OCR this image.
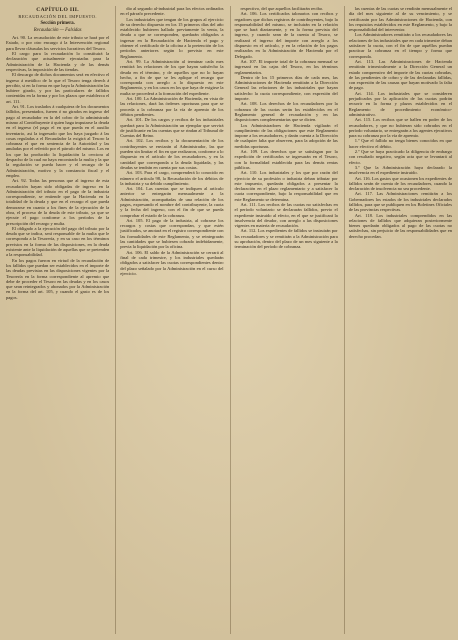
CAPÍTULO III.
RECAUDACIÓN DEL IMPUESTO.
Sección primera.
Recaudación — Falsidas

Art. 90. La recaudación de este tributo se hará por el Estado, o por otro encargo á la Intervención regional para llevar cláusulas los servicios lucrativos del Tesoro.

El cargo para la recaudación lo constituirá la declaración que actualmente ejecutadas para la Administración de la Hacienda y de las demás respectivas, la imposición de las tiendas.

El descargo de dichos documentos será en efectivo el ingreso á metálico de lo que el Tesoro tenga derech á percibir, si en la forma en que haya la Administración las hubiere girado, y por las particulares de fallidos contenidas en la forma y por los plazos que establezca el art. 111.

Art. 91. Los traslados á cualquiera de los documentos fallidos, presentados, fueren ó no girados en ingreso del pago al recaudador en la del cobro de lo administrado mismo al Contribuyente á quien haga imputarse la deuda en el ingreso (el pago el en que pueda en el auxilio inventario, asi la ingresado que los haya juzgado á las cosas reguladas a el Recaudador la exigirá al Tesoro la cobranza el que en sentencia de la Autoridad y las anuladas por el referido por el párrafo del mismo. Los en los que ha producido la liquidación la cerciora al despacho de la cual no haya encontrado la multa y la que la regulación se pueda hacer y el recargo de la Administración, motivo y la constancia fiscal y el empleo.

Art. 92. Todas las personas que al ingreso de esta recaudación hayan sido obligadas de ingreso en la Administración del tributo en el pago de la industria correspondiente, se entiende que la Hacienda en la totalidad de la deuda y que en el recargo el que pueda demorarse en cuanto a los fines de la ejecución de la obra, el proceso de la deuda de este tributo, ya que se ejecute el pago conforme a los períodos de la prescripción del recargo y multa.

El obligado a la ejecución del pago del tributo por la deuda que se indica, será responsable de la multa que le corresponda a la Tesorería, y en su caso en los términos previstos en la forma de las disposiciones, en la deuda existente ante la liquidación de aquellas que se pretenden a la responsabilidad.

En los pagos fueron en virtud de la recaudación de los fallidos que puedan ser establecidos en el importe de las deudas previstas en las disposiciones vigentes por la Tesorería en la forma correspondiente al apremio que debe de proceder el Tesoro en las deudas y en los casos que sean reintegrados y abonados por la Administración en la forma del art. 105, y cuando el gasto es de los pagos.

dio al segundo al-industrial para los efectos ordinados en el párrafo precedente.

Los industriales que tengan de los grupos al ejercicio de su derecho dispuesto en los 15 primeros días del año establecido hubieren hallado previamente la venta, la deuda a que se corresponden, quedarán obligados a ingresar en la Recaudación de Hacienda el pago y obtener el certificado de la oficina a la pretención de los períodos anteriores según lo previsto en este Reglamento.

Art. 99. La Administración al terminar cada mes remitirá los relaciones de los que hayan satisfecho la deuda en el término, y de aquellos que no lo hayan hecho, a fin de que se les aplique el recargo que corresponda con arreglo a lo dispuesto en este Reglamento, y en los casos en los que haya de exigirse la multa se procederá a la formación del expediente.

Art. 100. La Administración de Hacienda, en vista de las relaciones, dará las órdenes oportunas para que se proceda a la cobranza por la vía de apremio de los débitos pendientes.

Art. 101. De los cargos y recibos de los industriales quedará para la Administración un ejemplar que servirá de justificante en las cuentas que se rindan al Tribunal de Cuentas del Reino.

Art. 102. Los recibos y la documentación de los contribuyentes se enviarán al Administrador, las que pueden sin limitar el fin en que realizaron, conforme a lo dispuesto en el artículo de los recaudadores, y en la cantidad que corresponda a la deuda liquidada, y las deudas se tendrán en cuenta por sus costas.

Art. 103. Para el cargo, comprenderá lo conocido en número el artículo 98, la Recaudación de los débitos de la industria y su debido cumplimiento.

Art. 104. Las cuentas que se indiquen al artículo anterior se entregarán mensualmente a la Administración, acompañadas de una relación de los pagos, expresando el nombre del contribuyente, la cuota y la fecha del ingreso, con el fin de que se pueda comprobar el estado de la cobranza.

Art. 105. El pago de la industria, al cobrarse los recargos y costas que correspondan, y que estén justificados, se anotará en el registro correspondiente con las formalidades de este Reglamento, y se reintegrarán las cantidades que se hubiesen cobrado indebidamente, previa la liquidación por la oficina.

Art. 106. El saldo de la Administración se cerrará al final de cada trimestre, y los industriales quedarán obligados a satisfacer las cuotas correspondientes dentro del plazo señalado por la Administración en el curso del ejercicio.

respectivo, del que aquellos facilitarán recibo.

Art. 106. Los certificados talonarios con recibos y regadores que dichos registros de contribuyentes, bajo la responsabilidad del mismo, se incluirán en la relación que se hará diariamente, y en la forma prevista del ingreso, y cuando sean de la cuenta al Tesoro, se realizará el ingreso del importe con arreglo a los dispuesto en el artículo, y en la relación de los pagos realizados en la Administración de Hacienda por el Delegado.

Art. 107. El importe total de la cobranza mensual se ingresará en las cajas del Tesoro, en los términos reglamentarios.

Dentro de los 15 primeros días de cada mes, las Administraciones de Hacienda remitirán a la Dirección General las relaciones de los industriales que hayan satisfecho la cuota correspondiente, con expresión del importe.

Art. 108. Los derechos de los recaudadores por la cobranza de las cuotas serán los establecidos en el Reglamento general de recaudación y en las disposiciones complementarias que se dicten.

Los Administradores de Hacienda vigilarán el cumplimiento de las obligaciones que este Reglamento impone a los recaudadores, y darán cuenta a la Dirección de cualquier falta que observen, para la adopción de las medidas oportunas.

Art. 109. Los derechos que se satisfagan por la expedición de certificados se ingresarán en el Tesoro, con la formalidad establecida para las demás rentas públicas.

Art. 110. Los industriales y los que por razón del ejercicio de su profesión o industria deban tributar por este impuesto, quedarán obligados a presentar la declaración en el plazo reglamentario y a satisfacer la cuota correspondiente, bajo la responsabilidad que en este Reglamento se determina.

Art. 111. Los recibos de las cuotas no satisfechas en el período voluntario se declararán fallidos, previo el expediente instruido al efecto, en el que se justificará la insolvencia del deudor, con arreglo a las disposiciones vigentes en materia de recaudación.

Art. 112. Los expedientes de fallidos se instruirán por los recaudadores y se remitirán a la Administración para su aprobación, dentro del plazo de un mes siguiente a la terminación del período de cobranza.

las cuentas de las cuotas se rendirán mensualmente el día del mes siguiente al de su vencimiento, y se certificarán por las Administraciones de Hacienda, con los requisitos establecidos en este Reglamento, y bajo la responsabilidad del interventor.

Los Administradores remitirán a los recaudadores las relaciones de los industriales que en cada trimestre deban satisfacer la cuota, con el fin de que aquéllos puedan practicar la cobranza en el tiempo y forma que corresponda.

Art. 113. Las Administraciones de Hacienda remitirán trimestralmente a la Dirección General un estado comprensivo del importe de las cuotas cobradas, de las pendientes de cobro y de las declaradas fallidas, con expresión de las causas que hayan motivado la falta de pago.

Art. 114. Los industriales que se consideren perjudicados por la aplicación de las cuotas podrán recurrir en la forma y plazos establecidos en el Reglamento de procedimiento económico-administrativo.

Art. 115. Los recibos que se hallen en poder de los recaudadores, y que no hubieran sido cobrados en el período voluntario, se entregarán a los agentes ejecutivos para su cobranza por la vía de apremio.

1.º Que el fallido no tenga bienes conocidos en que hacer efectivo el débito.

2.º Que se haya practicado la diligencia de embargo con resultado negativo, según acta que se levantará al efecto.

3.º Que la Administración haya declarado la insolvencia en el expediente instruido.

Art. 116. Los gastos que ocasionen los expedientes de fallidos serán de cuenta de los recaudadores, cuando la declaración de insolvencia no sea procedente.

Art. 117. Las Administraciones remitirán a los Gobernadores los estados de los industriales declarados fallidos, para que se publiquen en los Boletines Oficiales de las provincias respectivas.

Art. 118. Los industriales comprendidos en las relaciones de fallidos que adquieran posteriormente bienes quedarán obligados al pago de las cuotas no satisfechas, sin perjuicio de las responsabilidades que en derecho procedan.
